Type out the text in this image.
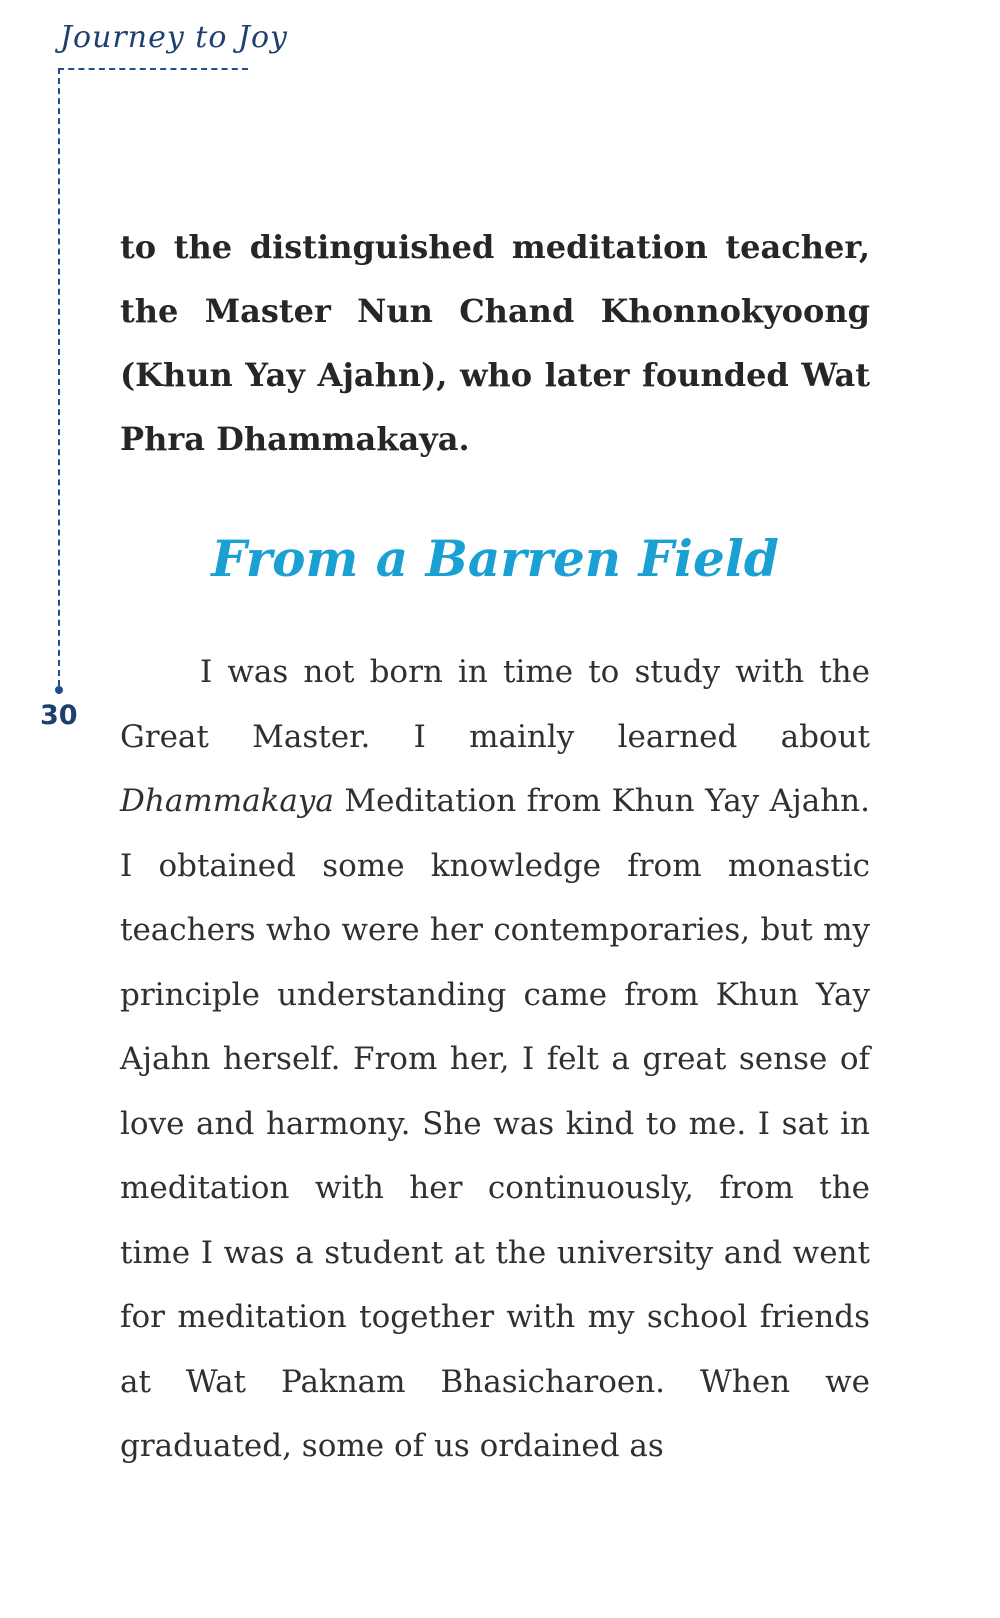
Journey to Joy
30

to the distinguished meditation teacher, the Master Nun Chand Khonnokyoong (Khun Yay Ajahn), who later founded Wat Phra Dhammakaya.

From a Barren Field

I was not born in time to study with the Great Master. I mainly learned about Dhammakaya Meditation from Khun Yay Ajahn. I obtained some knowledge from monastic teachers who were her contemporaries, but my principle understanding came from Khun Yay Ajahn herself. From her, I felt a great sense of love and harmony. She was kind to me. I sat in meditation with her continuously, from the time I was a student at the university and went for meditation together with my school friends at Wat Paknam Bhasicharoen. When we graduated, some of us ordained as
